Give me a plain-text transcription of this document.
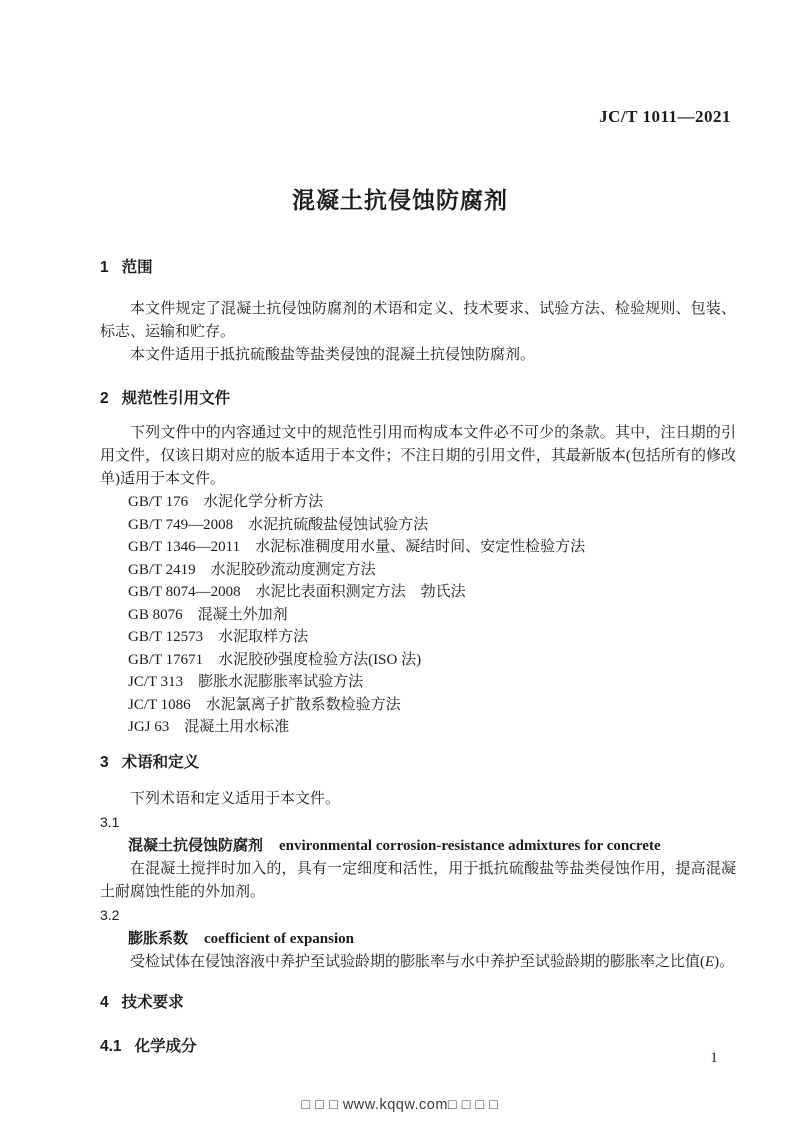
JC/T 1011—2021
混凝土抗侵蚀防腐剂
1 范围

本文件规定了混凝土抗侵蚀防腐剂的术语和定义、技术要求、试验方法、检验规则、包装、标志、运输和贮存。

本文件适用于抵抗硫酸盐等盐类侵蚀的混凝土抗侵蚀防腐剂。

2 规范性引用文件

下列文件中的内容通过文中的规范性引用而构成本文件必不可少的条款。其中，注日期的引用文件，仅该日期对应的版本适用于本文件；不注日期的引用文件，其最新版本(包括所有的修改单)适用于本文件。

GB/T 176 水泥化学分析方法
GB/T 749—2008 水泥抗硫酸盐侵蚀试验方法
GB/T 1346—2011 水泥标准稠度用水量、凝结时间、安定性检验方法
GB/T 2419 水泥胶砂流动度测定方法
GB/T 8074—2008 水泥比表面积测定方法　勃氏法
GB 8076 混凝土外加剂
GB/T 12573 水泥取样方法
GB/T 17671 水泥胶砂强度检验方法(ISO 法)
JC/T 313 膨胀水泥膨胀率试验方法
JC/T 1086 水泥氯离子扩散系数检验方法
JGJ 63 混凝土用水标准
3 术语和定义

下列术语和定义适用于本文件。

3.1
混凝土抗侵蚀防腐剂 environmental corrosion-resistance admixtures for concrete

在混凝土搅拌时加入的，具有一定细度和活性，用于抵抗硫酸盐等盐类侵蚀作用，提高混凝土耐腐蚀性能的外加剂。

3.2
膨胀系数 coefficient of expansion

受检试体在侵蚀溶液中养护至试验龄期的膨胀率与水中养护至试验龄期的膨胀率之比值(E)。

4 技术要求
4.1 化学成分
1
□ □ □ www.kqqw.com□ □ □ □
